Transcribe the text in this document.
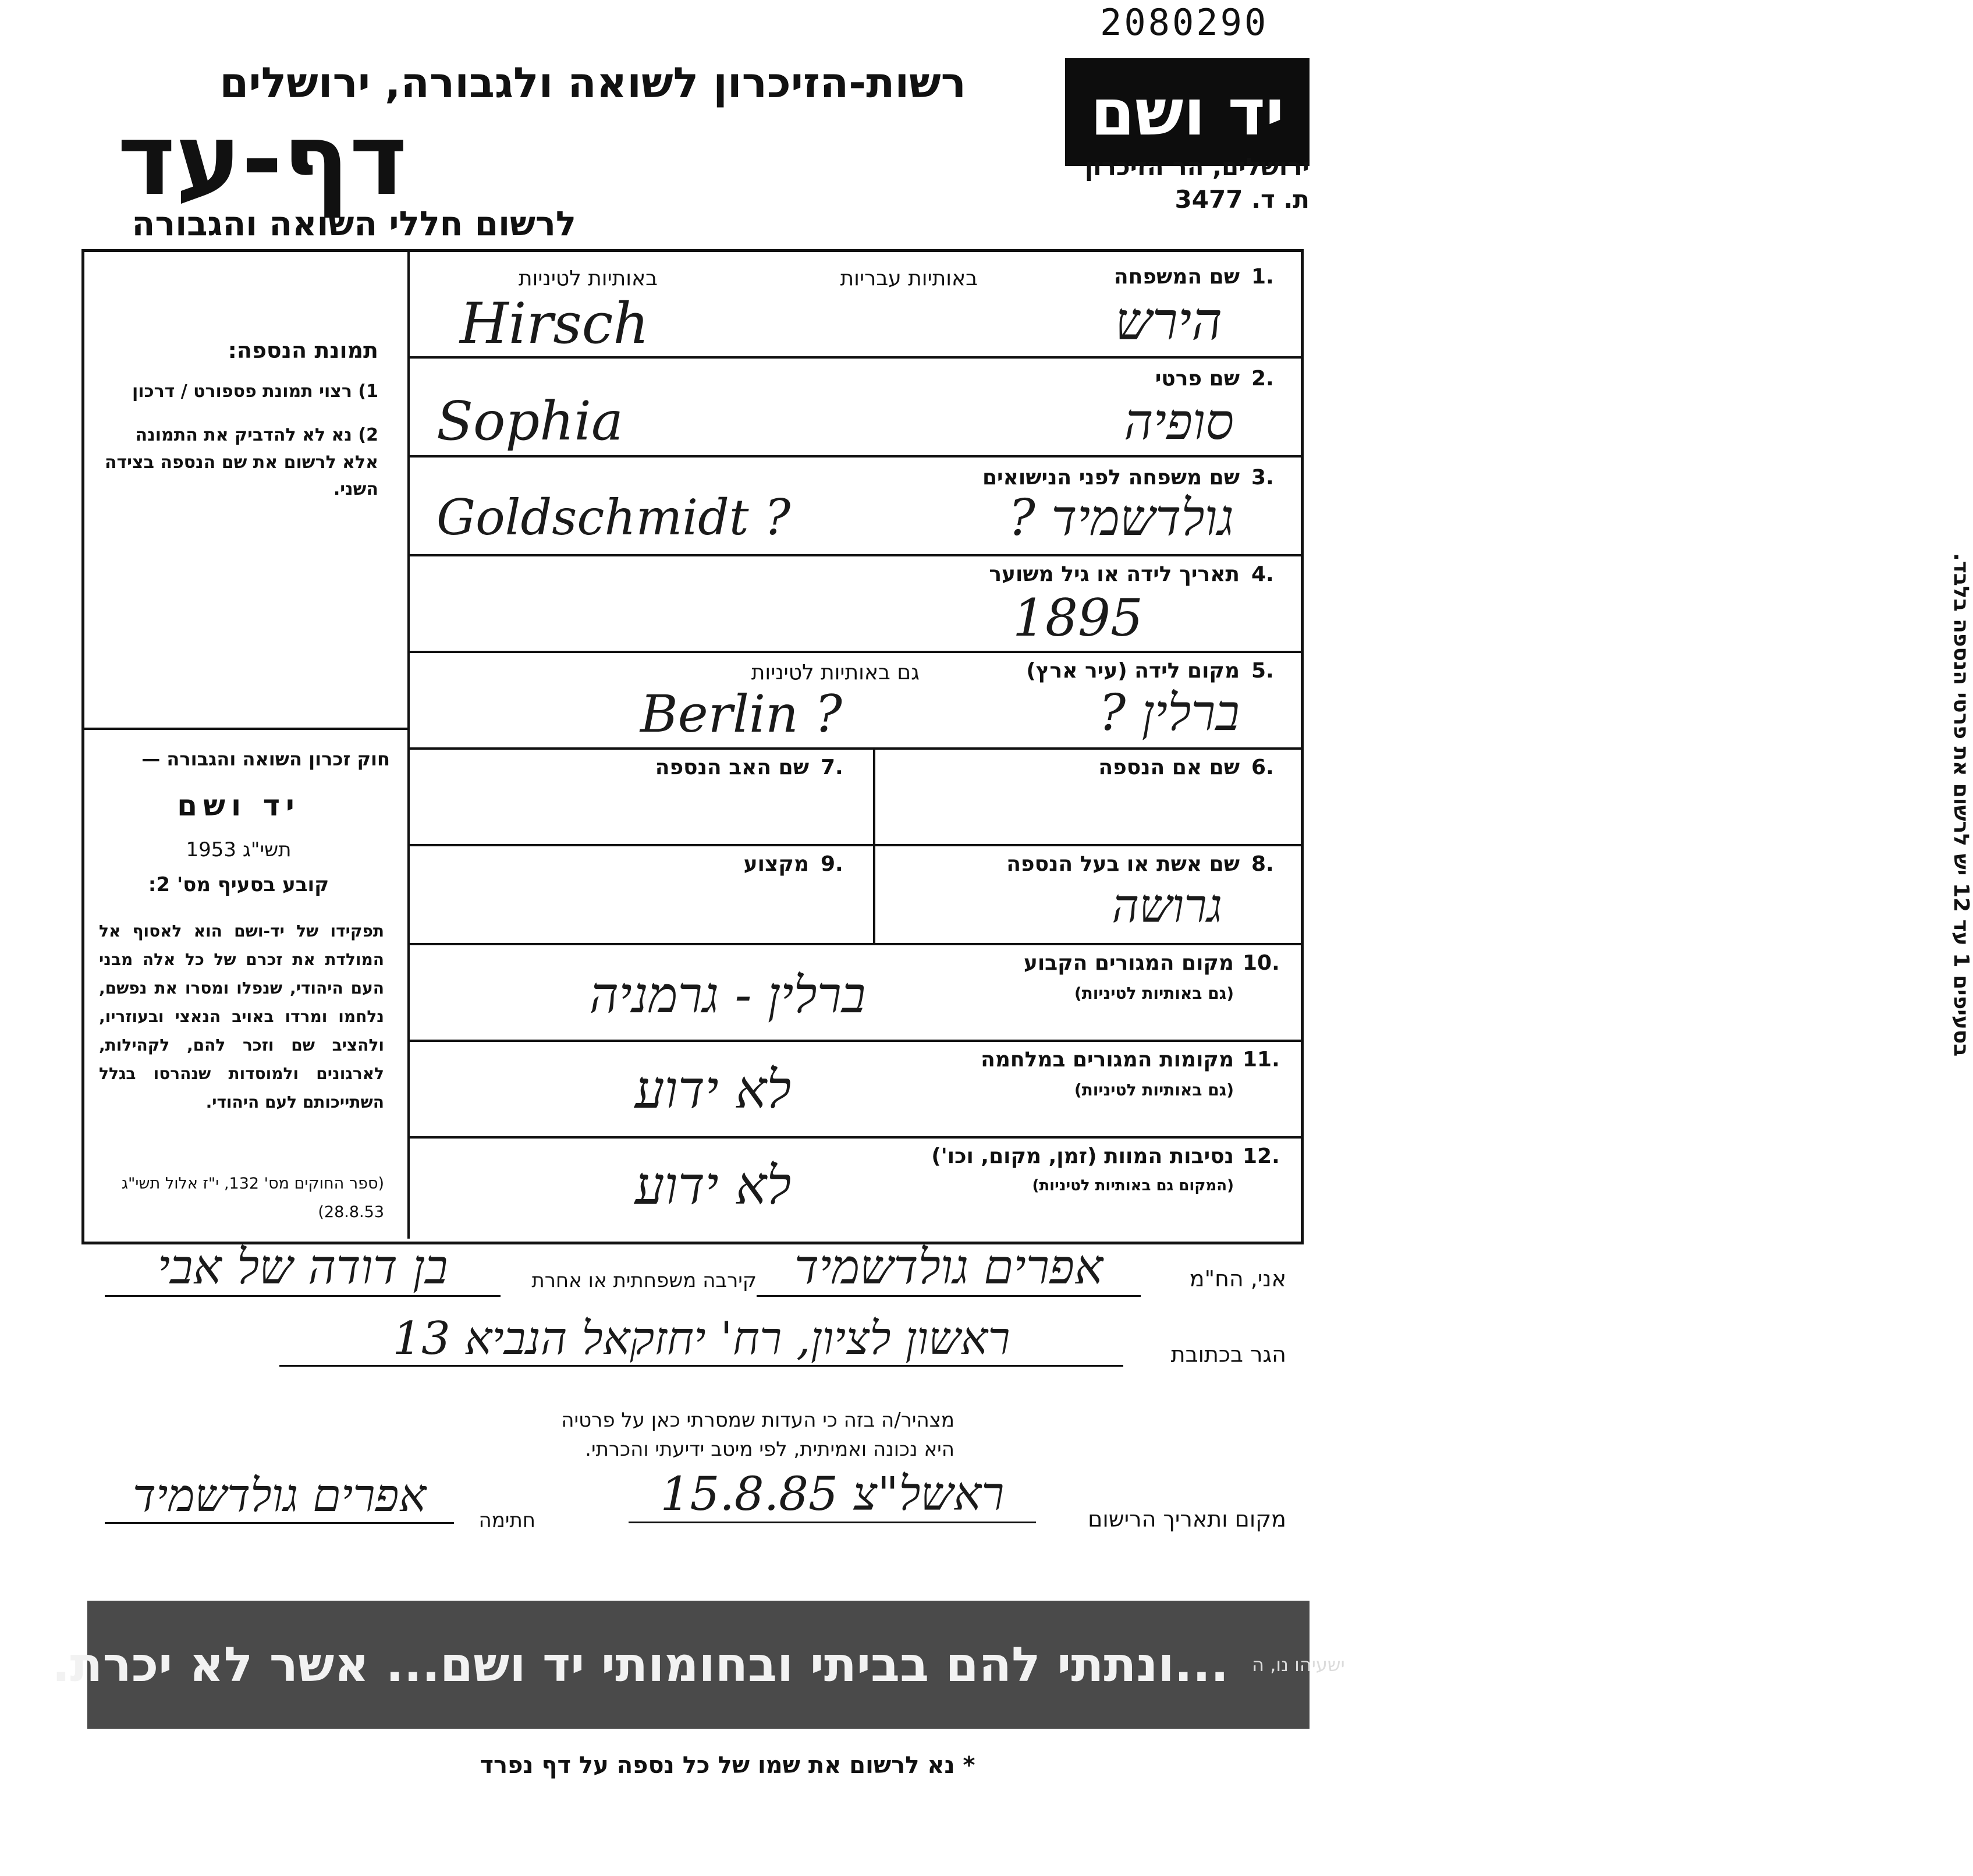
2080290
רשות-הזיכרון לשואה ולגבורה, ירושלים
דף-עד
לרשום חללי השואה והגבורה
יד ושם
ירושלים, הר הזיכרון
ת. ד. 3477
תמונת הנספה:
1) רצוי תמונת פספורט / דרכון
2) נא לא להדביק את התמונה אלא לרשום את שם הנספה בצידה השני.
חוק זכרון השואה והגבורה —
יד ושם
תשי"ג 1953
קובע בסעיף מס' 2:
תפקידו של יד-ושם הוא לאסוף אל המולדת את זכרם של כל אלה מבני העם היהודי, שנפלו ומסרו את נפשם, נלחמו ומרדו באויב הנאצי ובעוזריו, ולהציב שם וזכר להם, לקהילות, לארגונים ולמוסדות שנהרסו בגלל השתייכותם לעם היהודי.
(ספר החוקים מס' 132, י"ז אלול תשי"ג 28.8.53)
1.
שם המשפחה
באותיות עבריות
באותיות לטיניות
הירש
Hirsch
2.
שם פרטי
סופיה
Sophia
3.
שם משפחה לפני הנישואים
גולדשמיד ?
Goldschmidt ?
4.
תאריך לידה או גיל משוער
1895
5.
מקום לידה (עיר ארץ)
גם באותיות לטיניות
ברלין ?
Berlin ?
6.
שם אם הנספה
7.
שם האב הנספה
8.
שם אשת או בעל הנספה
גרושה
9.
מקצוע
10.
מקום המגורים הקבוע
(גם באותיות לטיניות)
ברלין - גרמניה
11.
מקומות המגורים במלחמה
(גם באותיות לטיניות)
לא ידוע
12.
נסיבות המוות (זמן, מקום, וכו')
(המקום גם באותיות לטיניות)
לא ידוע
אני, הח"מ
אפרים גולדשמיד
קירבה משפחתית או אחרת
בן דודה של אבי
הגר בכתובת
ראשון לציון, רח' יחזקאל הנביא 13
מצהיר/ה בזה כי העדות שמסרתי כאן על פרטיה
היא נכונה ואמיתית, לפי מיטב ידיעתי והכרתי.
מקום ותאריך הרישום
ראשל"צ 15.8.85
חתימה
אפרים גולדשמיד
בסעיפים 1 עד 12 יש לרשום את פרטי הנספה בלבד.
...ונתתי להם בביתי ובחומותי יד ושם... אשר לא יכרת. ישעיהו נו, ה
* נא לרשום את שמו של כל נספה על דף נפרד
